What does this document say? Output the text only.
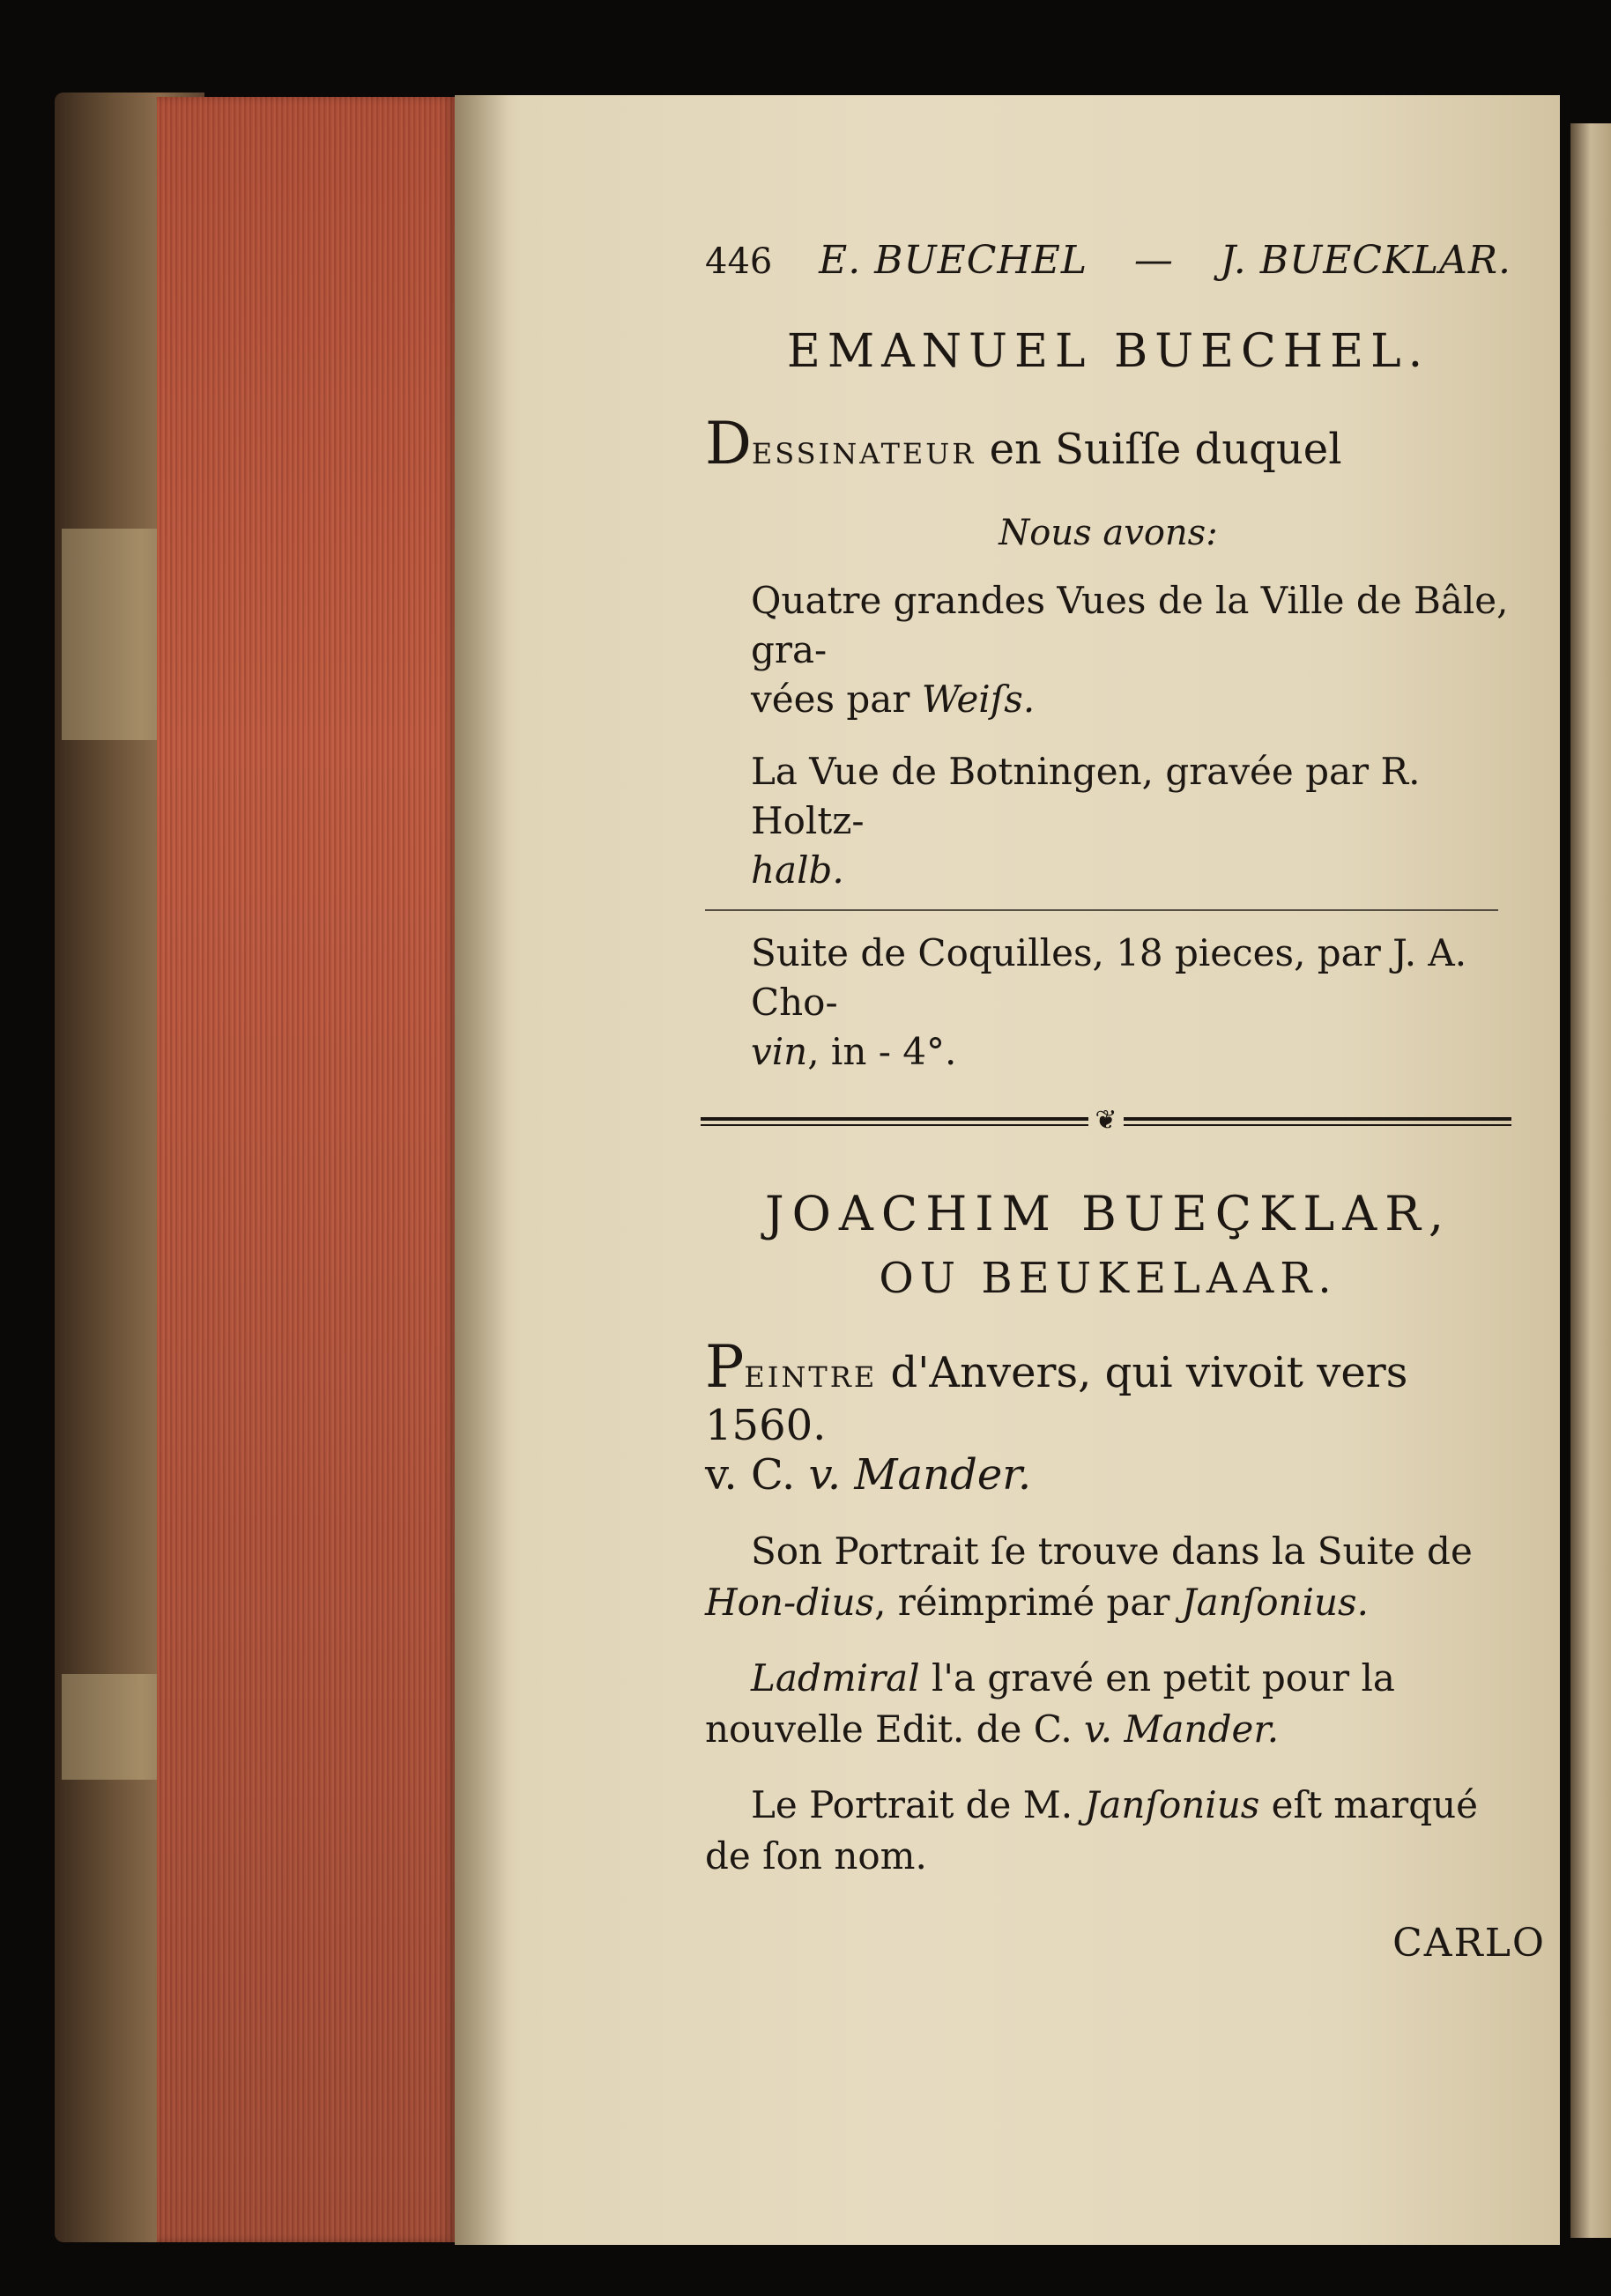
446 E. BUECHEL — J. BUECKLAR.
EMANUEL BUECHEL.
DESSINATEUR en Suiſſe duquel
Nous avons:
Quatre grandes Vues de la Ville de Bâle, gra-
vées par Weiſs.
La Vue de Botningen, gravée par R. Holtz-
halb.
Suite de Coquilles, 18 pieces, par J. A. Cho-
vin, in - 4°.
❦
JOACHIM BUEÇKLAR,
OU BEUKELAAR.
PEINTRE d'Anvers, qui vivoit vers 1560.
v. C. v. Mander.
Son Portrait ſe trouve dans la Suite de Hon-dius, réimprimé par Janſonius.
Ladmiral l'a gravé en petit pour la nouvelle Edit. de C. v. Mander.
Le Portrait de M. Janſonius eſt marqué de ſon nom.
CARLO
